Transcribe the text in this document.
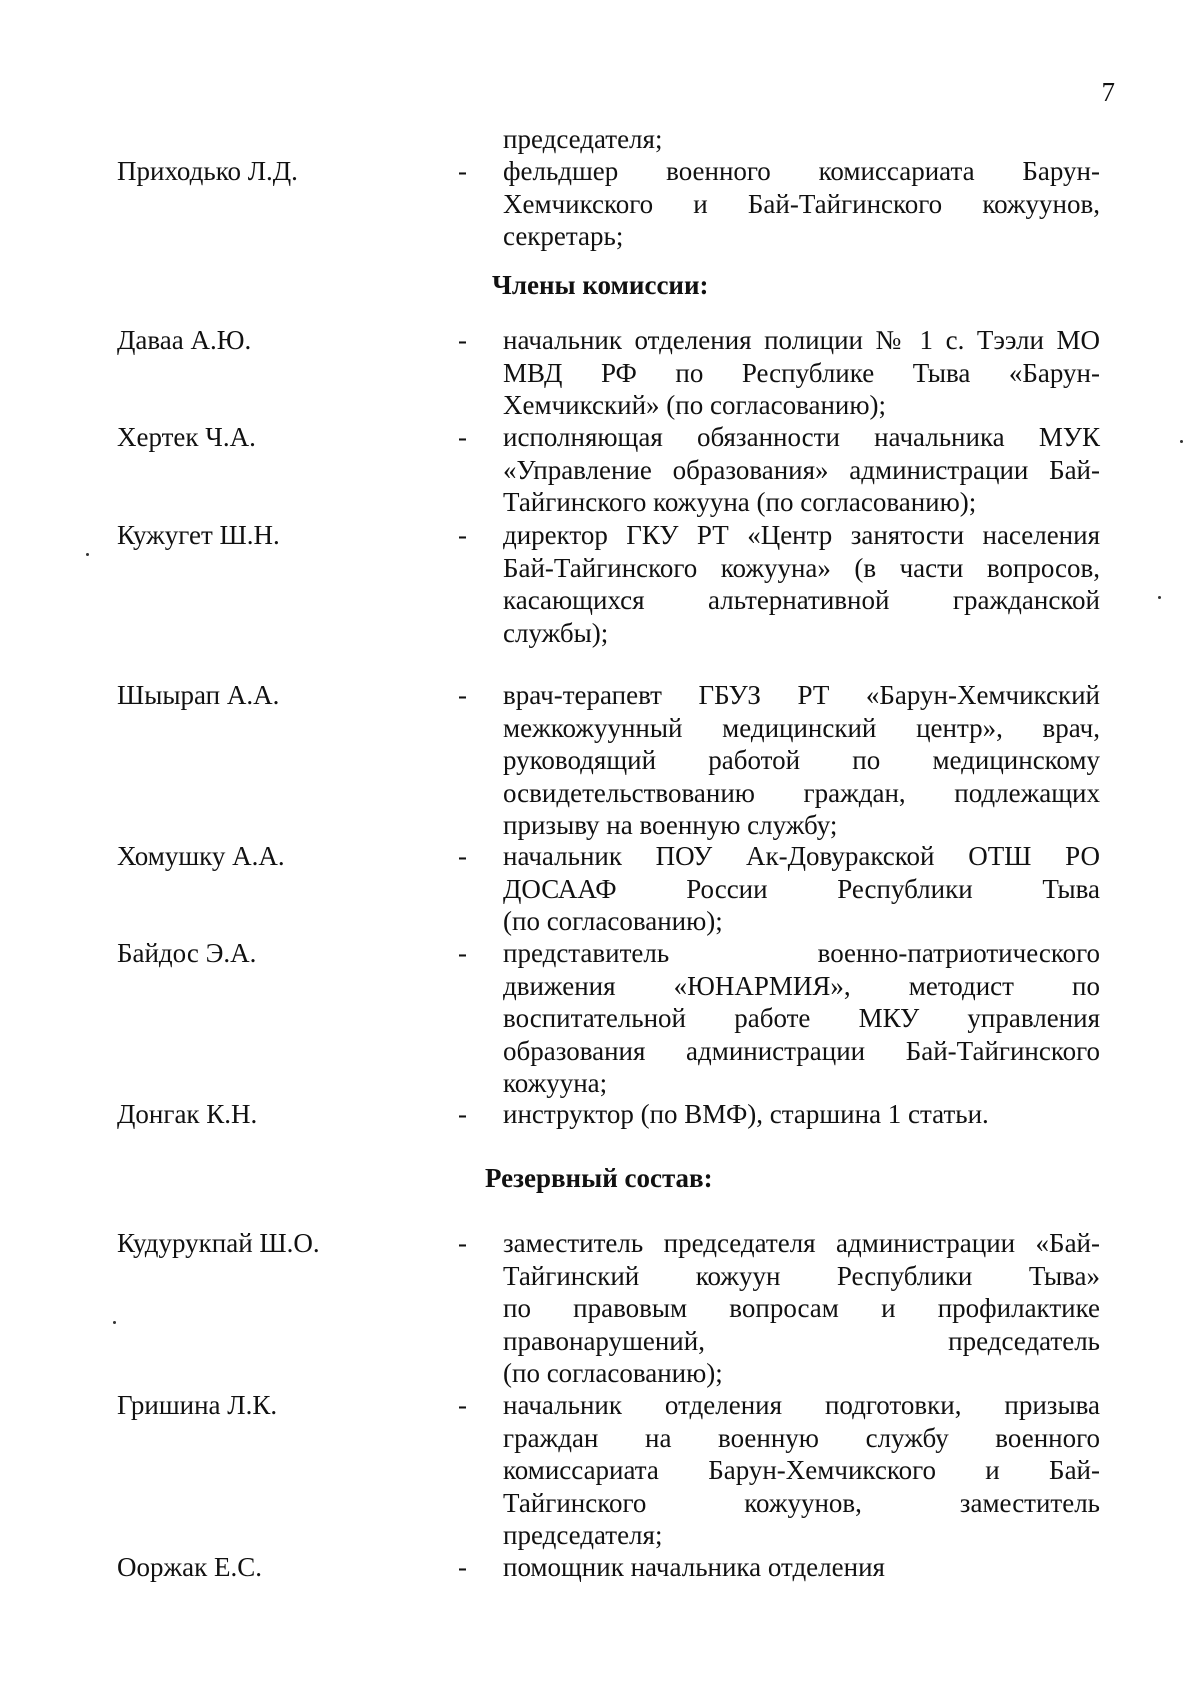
7
председателя;
Приходько Л.Д.	- фельдшер военного комиссариата Барун-
Хемчикского и Бай-Тайгинского кожуунов,
секретарь;
Члены комиссии:
Даваа А.Ю.	- начальник отделения полиции № 1 с. Тээли МО
МВД РФ по Республике Тыва «Барун-
Хемчикский» (по согласованию);
Хертек Ч.А.	- исполняющая обязанности начальника МУК
«Управление образования» администрации Бай-
Тайгинского кожууна (по согласованию);
Кужугет Ш.Н.	- директор ГКУ РТ «Центр занятости населения
Бай-Тайгинского кожууна» (в части вопросов,
касающихся альтернативной гражданской
службы);
Шыырап А.А.	- врач-терапевт ГБУЗ РТ «Барун-Хемчикский
межкожуунный медицинский центр», врач,
руководящий работой по медицинскому
освидетельствованию граждан, подлежащих
призыву на военную службу;
Хомушку А.А.	- начальник ПОУ Ак-Довуракской ОТШ РО
ДОСААФ России Республики Тыва
(по согласованию);
Байдос Э.А.	- представитель военно-патриотического
движения «ЮНАРМИЯ», методист по
воспитательной работе МКУ управления
образования администрации Бай-Тайгинского
кожууна;
Донгак К.Н.	- инструктор (по ВМФ), старшина 1 статьи.
Резервный состав:
Кудурукпай Ш.О.	- заместитель председателя администрации «Бай-
Тайгинский кожуун Республики Тыва»
по правовым вопросам и профилактике
правонарушений, председатель
(по согласованию);
Гришина Л.К.	- начальник отделения подготовки, призыва
граждан на военную службу военного
комиссариата Барун-Хемчикского и Бай-
Тайгинского кожуунов, заместитель
председателя;
Ооржак Е.С.	- помощник начальника отделения
